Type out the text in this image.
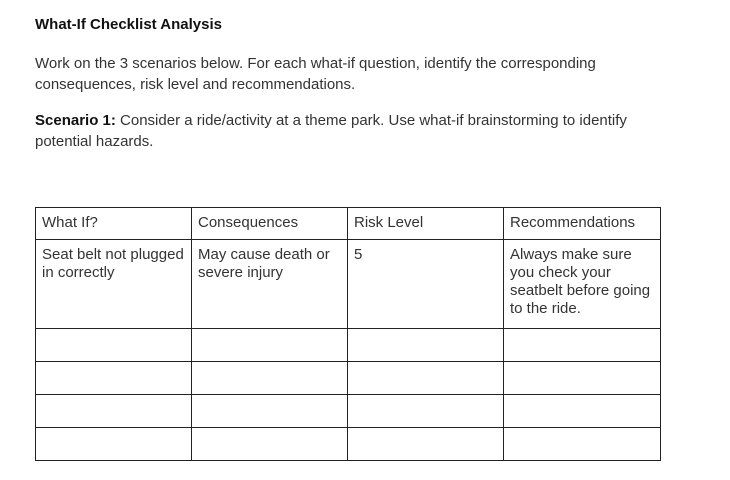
What-If Checklist Analysis
Work on the 3 scenarios below. For each what-if question, identify the corresponding consequences, risk level and recommendations.
Scenario 1: Consider a ride/activity at a theme park. Use what-if brainstorming to identify potential hazards.
What If?	Consequences	Risk Level	Recommendations
Seat belt not plugged in correctly	May cause death or severe injury	5	Always make sure you check your seatbelt before going to the ride.
